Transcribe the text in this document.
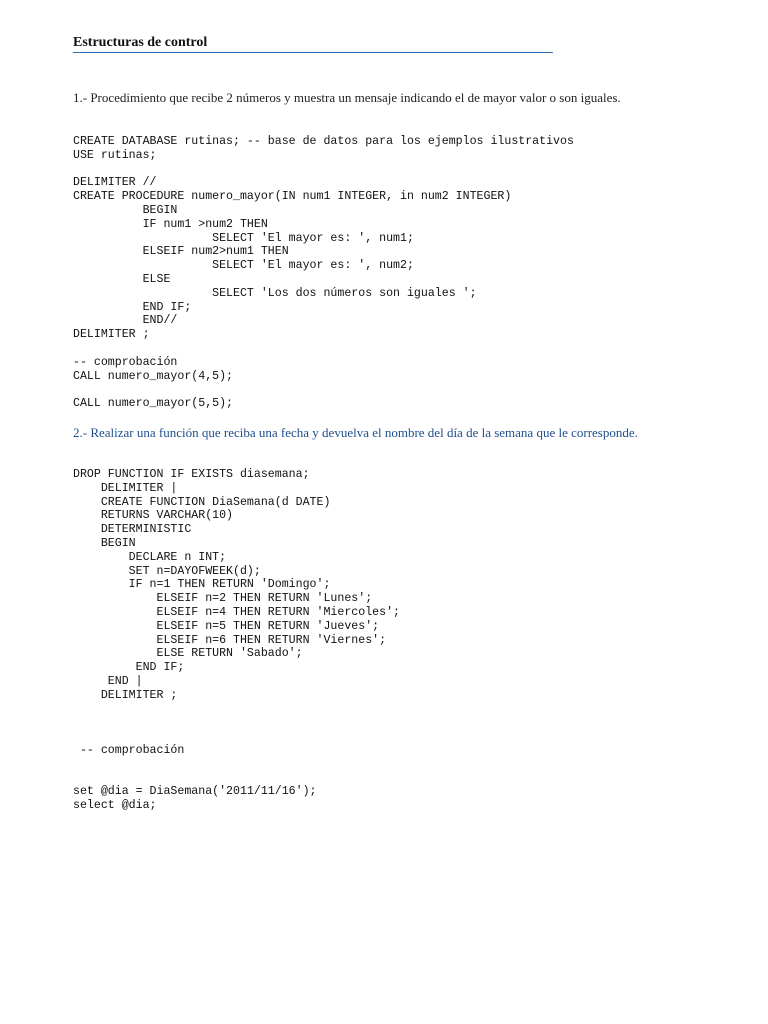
Estructuras de control
1.- Procedimiento que recibe 2 números y muestra un mensaje indicando el de mayor valor o son iguales.
CREATE DATABASE rutinas; -- base de datos para los ejemplos ilustrativos
USE rutinas;

DELIMITER //
CREATE PROCEDURE numero_mayor(IN num1 INTEGER, in num2 INTEGER)
BEGIN
IF num1 >num2 THEN
SELECT 'El mayor es: ', num1;
ELSEIF num2>num1 THEN
SELECT 'El mayor es: ', num2;
ELSE
SELECT 'Los dos números son iguales ';
END IF;
END//
DELIMITER ;

-- comprobación
CALL numero_mayor(4,5);

CALL numero_mayor(5,5);
2.- Realizar una función que reciba una fecha y devuelva el nombre del día de la semana que le corresponde.
DROP FUNCTION IF EXISTS diasemana;
DELIMITER |
CREATE FUNCTION DiaSemana(d DATE)
RETURNS VARCHAR(10)
DETERMINISTIC
BEGIN
DECLARE n INT;
SET n=DAYOFWEEK(d);
IF n=1 THEN RETURN 'Domingo';
ELSEIF n=2 THEN RETURN 'Lunes';
ELSEIF n=4 THEN RETURN 'Miercoles';
ELSEIF n=5 THEN RETURN 'Jueves';
ELSEIF n=6 THEN RETURN 'Viernes';
ELSE RETURN 'Sabado';
END IF;
END |
DELIMITER ;
-- comprobación
set @dia = DiaSemana('2011/11/16');
select @dia;
